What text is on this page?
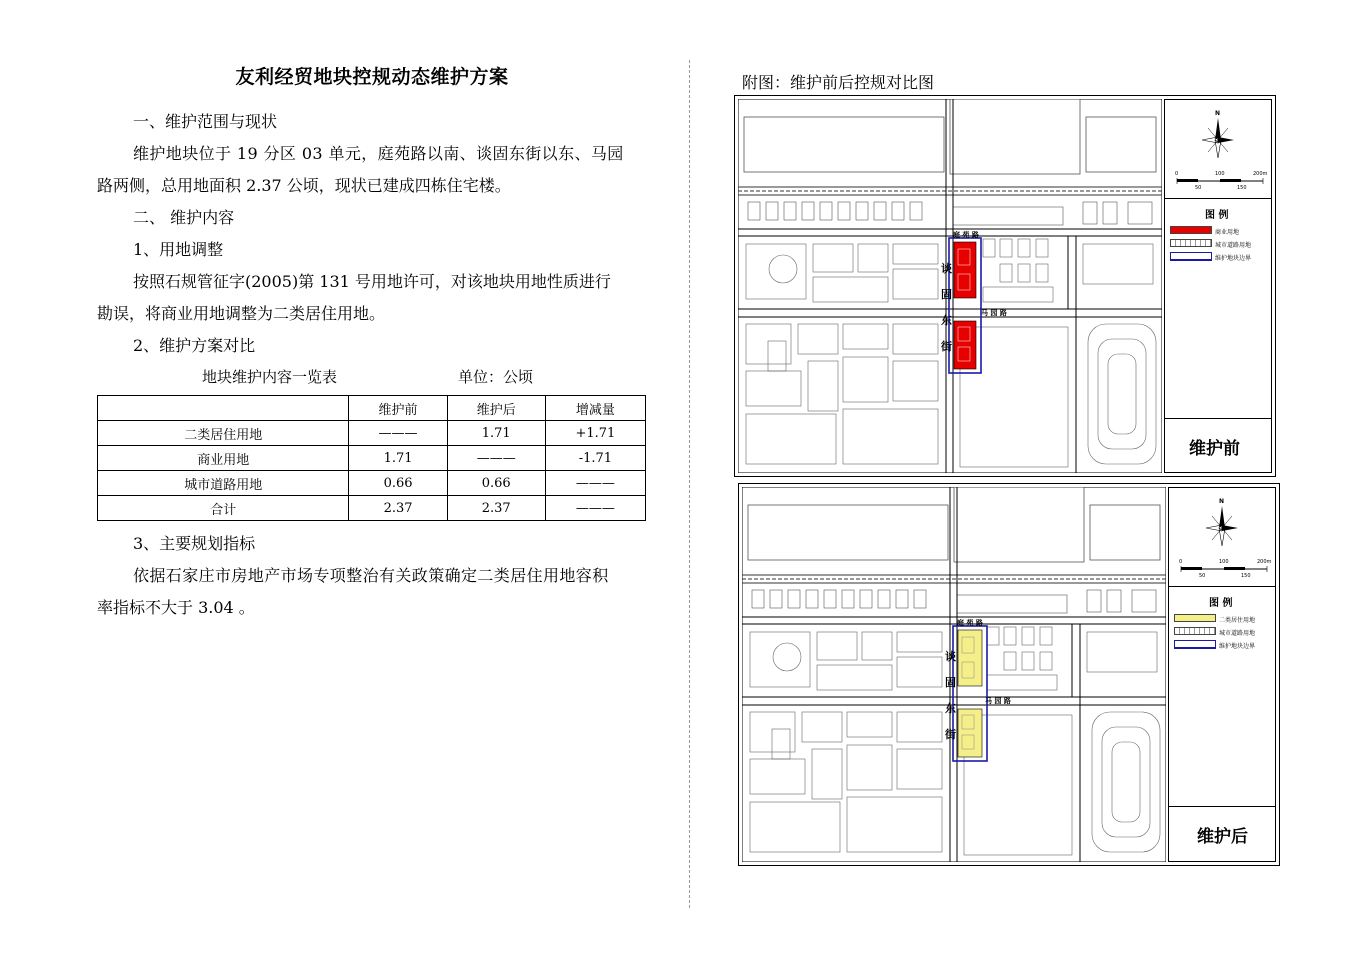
友利经贸地块控规动态维护方案
一、维护范围与现状
维护地块位于 19 分区 03 单元，庭苑路以南、谈固东街以东、马园
路两侧，总用地面积 2.37 公顷，现状已建成四栋住宅楼。
二、 维护内容
1、用地调整
按照石规管征字(2005)第 131 号用地许可，对该地块用地性质进行
勘误，将商业用地调整为二类居住用地。
2、维护方案对比
地块维护内容一览表	单位：公顷
	维护前	维护后	增减量
二类居住用地	———	1.71	+1.71
商业用地	1.71	———	-1.71
城市道路用地	0.66	0.66	———
合计	2.37	2.37	———
3、主要规划指标
依据石家庄市房地产市场专项整治有关政策确定二类居住用地容积
率指标不大于 3.04 。
附图：维护前后控规对比图
庭 苑 路
马 园 路
谈
固
东
街
N
0	100	200m
50	150
图 例
商业用地
城市道路用地
维护地块边界
维护前
庭 苑 路
马 园 路
谈
固
东
街
N
0	100	200m
50	150
图 例
二类居住用地
城市道路用地
维护地块边界
维护后
